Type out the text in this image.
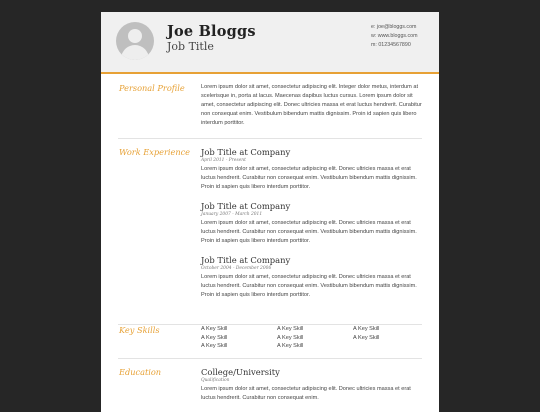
Joe Bloggs
Job Title
e: joe@bloggs.com
w: www.bloggs.com
m: 01234567890
Personal Profile	Lorem ipsum dolor sit amet, consectetur adipiscing elit. Integer dolor metus, interdum at scelerisque in, porta at lacus. Maecenas dapibus luctus cursus. Lorem ipsum dolor sit amet, consectetur adipiscing elit. Donec ultricies massa et erat luctus hendrerit. Curabitur non consequat enim. Vestibulum bibendum mattis dignissim. Proin id sapien quis libero interdum porttitor.

Work Experience Job Title at Company
April 2011 - Present

Lorem ipsum dolor sit amet, consectetur adipiscing elit. Donec ultricies massa et erat luctus hendrerit. Curabitur non consequat enim. Vestibulum bibendum mattis dignissim. Proin id sapien quis libero interdum porttitor.

Job Title at Company
January 2007 - March 2011

Lorem ipsum dolor sit amet, consectetur adipiscing elit. Donec ultricies massa et erat luctus hendrerit. Curabitur non consequat enim. Vestibulum bibendum mattis dignissim. Proin id sapien quis libero interdum porttitor.

Job Title at Company
October 2004 - December 2006

Lorem ipsum dolor sit amet, consectetur adipiscing elit. Donec ultricies massa et erat luctus hendrerit. Curabitur non consequat enim. Vestibulum bibendum mattis dignissim. Proin id sapien quis libero interdum porttitor.

Key Skills	A Key Skill	A Key Skill	A Key Skill
A Key Skill	A Key Skill	A Key Skill
A Key Skill	A Key Skill
Education	College/University
Qualification

Lorem ipsum dolor sit amet, consectetur adipiscing elit. Donec ultricies massa et erat luctus hendrerit. Curabitur non consequat enim.
